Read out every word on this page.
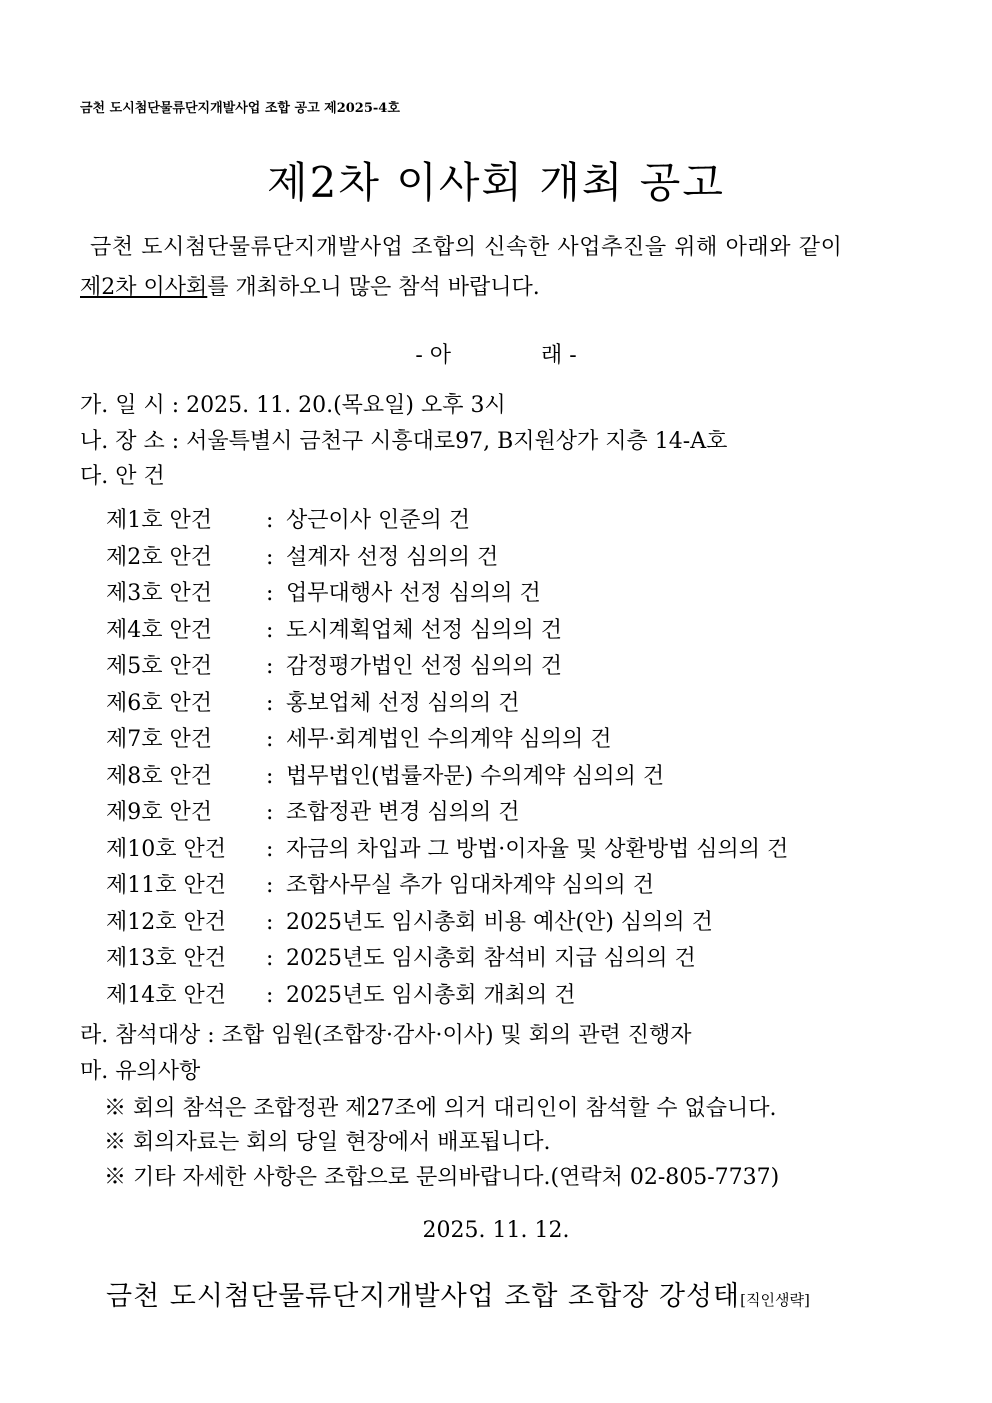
금천 도시첨단물류단지개발사업 조합 공고 제2025-4호
제2차 이사회 개최 공고
금천 도시첨단물류단지개발사업 조합의 신속한 사업추진을 위해 아래와 같이
제2차 이사회를 개최하오니 많은 참석 바랍니다.
- 아	래 -
가. 일 시 : 2025. 11. 20.(목요일) 오후 3시
나. 장 소 : 서울특별시 금천구 시흥대로97, B지원상가 지층 14-A호
다. 안 건
제1호 안건 : 상근이사 인준의 건
제2호 안건 : 설계자 선정 심의의 건
제3호 안건 : 업무대행사 선정 심의의 건
제4호 안건 : 도시계획업체 선정 심의의 건
제5호 안건 : 감정평가법인 선정 심의의 건
제6호 안건 : 홍보업체 선정 심의의 건
제7호 안건 : 세무·회계법인 수의계약 심의의 건
제8호 안건 : 법무법인(법률자문) 수의계약 심의의 건
제9호 안건 : 조합정관 변경 심의의 건
제10호 안건 : 자금의 차입과 그 방법·이자율 및 상환방법 심의의 건
제11호 안건 : 조합사무실 추가 임대차계약 심의의 건
제12호 안건 : 2025년도 임시총회 비용 예산(안) 심의의 건
제13호 안건 : 2025년도 임시총회 참석비 지급 심의의 건
제14호 안건 : 2025년도 임시총회 개최의 건
라. 참석대상 : 조합 임원(조합장·감사·이사) 및 회의 관련 진행자
마. 유의사항
※ 회의 참석은 조합정관 제27조에 의거 대리인이 참석할 수 없습니다.
※ 회의자료는 회의 당일 현장에서 배포됩니다.
※ 기타 자세한 사항은 조합으로 문의바랍니다.(연락처 02-805-7737)
2025. 11. 12.
금천 도시첨단물류단지개발사업 조합 조합장 강성태[직인생략]
